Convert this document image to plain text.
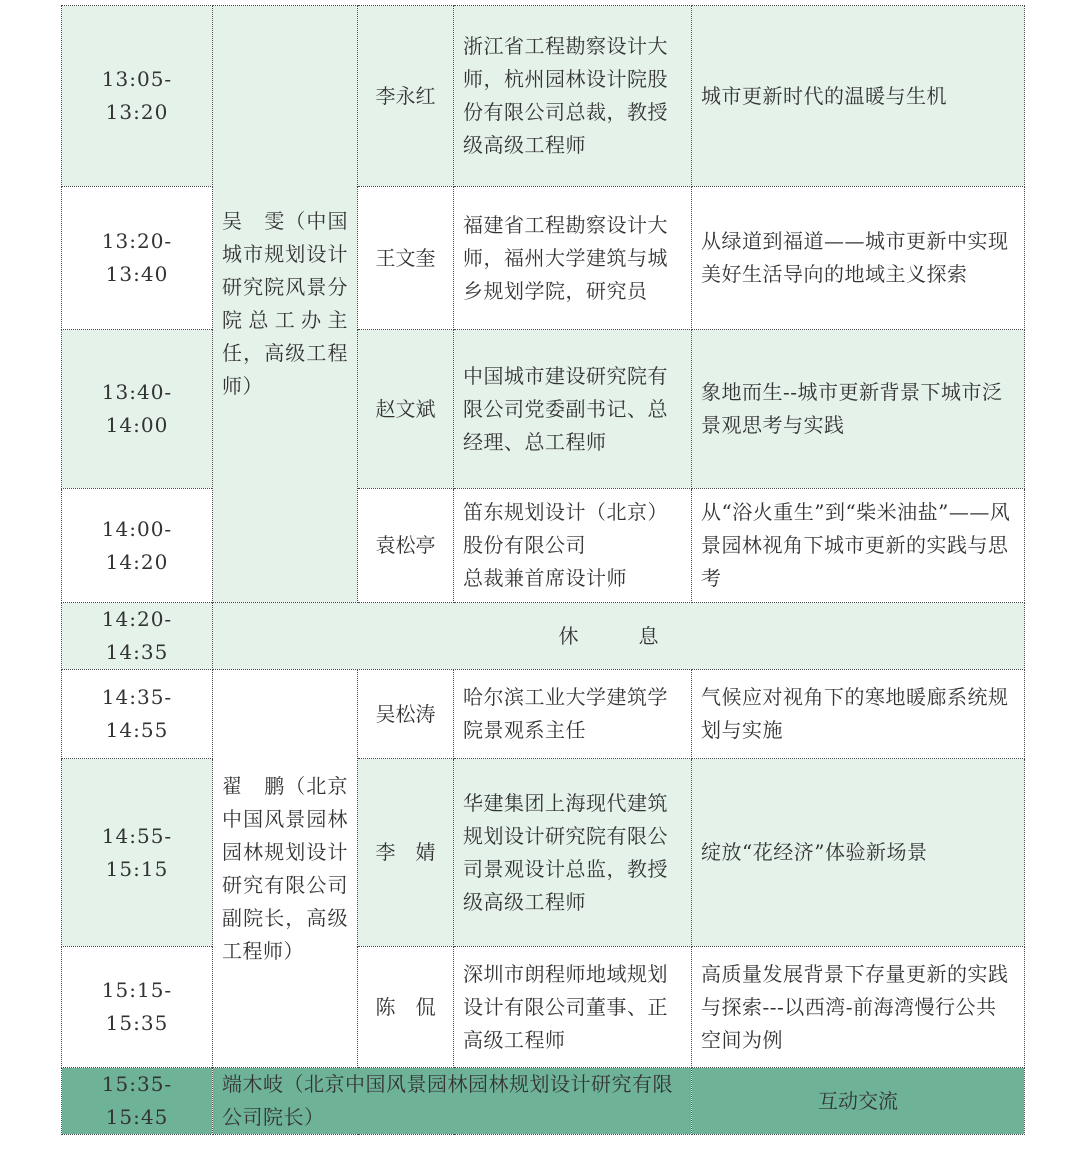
13:05-13:20	吴　雯（中国城市规划设计研究院风景分院总工办主任，高级工程师）	李永红	浙江省工程勘察设计大师，杭州园林设计院股份有限公司总裁，教授级高级工程师	城市更新时代的温暖与生机
13:20-13:40		王文奎	福建省工程勘察设计大师，福州大学建筑与城乡规划学院，研究员	从绿道到福道——城市更新中实现美好生活导向的地域主义探索
13:40-14:00		赵文斌	中国城市建设研究院有限公司党委副书记、总经理、总工程师	象地而生--城市更新背景下城市泛景观思考与实践
14:00-14:20		袁松亭	笛东规划设计（北京）
股份有限公司
总裁兼首席设计师	从“浴火重生”到“柴米油盐”——风景园林视角下城市更新的实践与思考
14:20-14:35	休　息			
14:35-14:55	翟　鹏（北京中国风景园林园林规划设计研究有限公司副院长，高级工程师）	吴松涛	哈尔滨工业大学建筑学院景观系主任	气候应对视角下的寒地暖廊系统规划与实施
14:55-15:15		李　婧	华建集团上海现代建筑规划设计研究院有限公司景观设计总监，教授级高级工程师	绽放“花经济”体验新场景
15:15-15:35		陈　侃	深圳市朗程师地域规划设计有限公司董事、正高级工程师	高质量发展背景下存量更新的实践与探索---以西湾-前海湾慢行公共空间为例
15:35-15:45	端木岐（北京中国风景园林园林规划设计研究有限公司院长）			互动交流
